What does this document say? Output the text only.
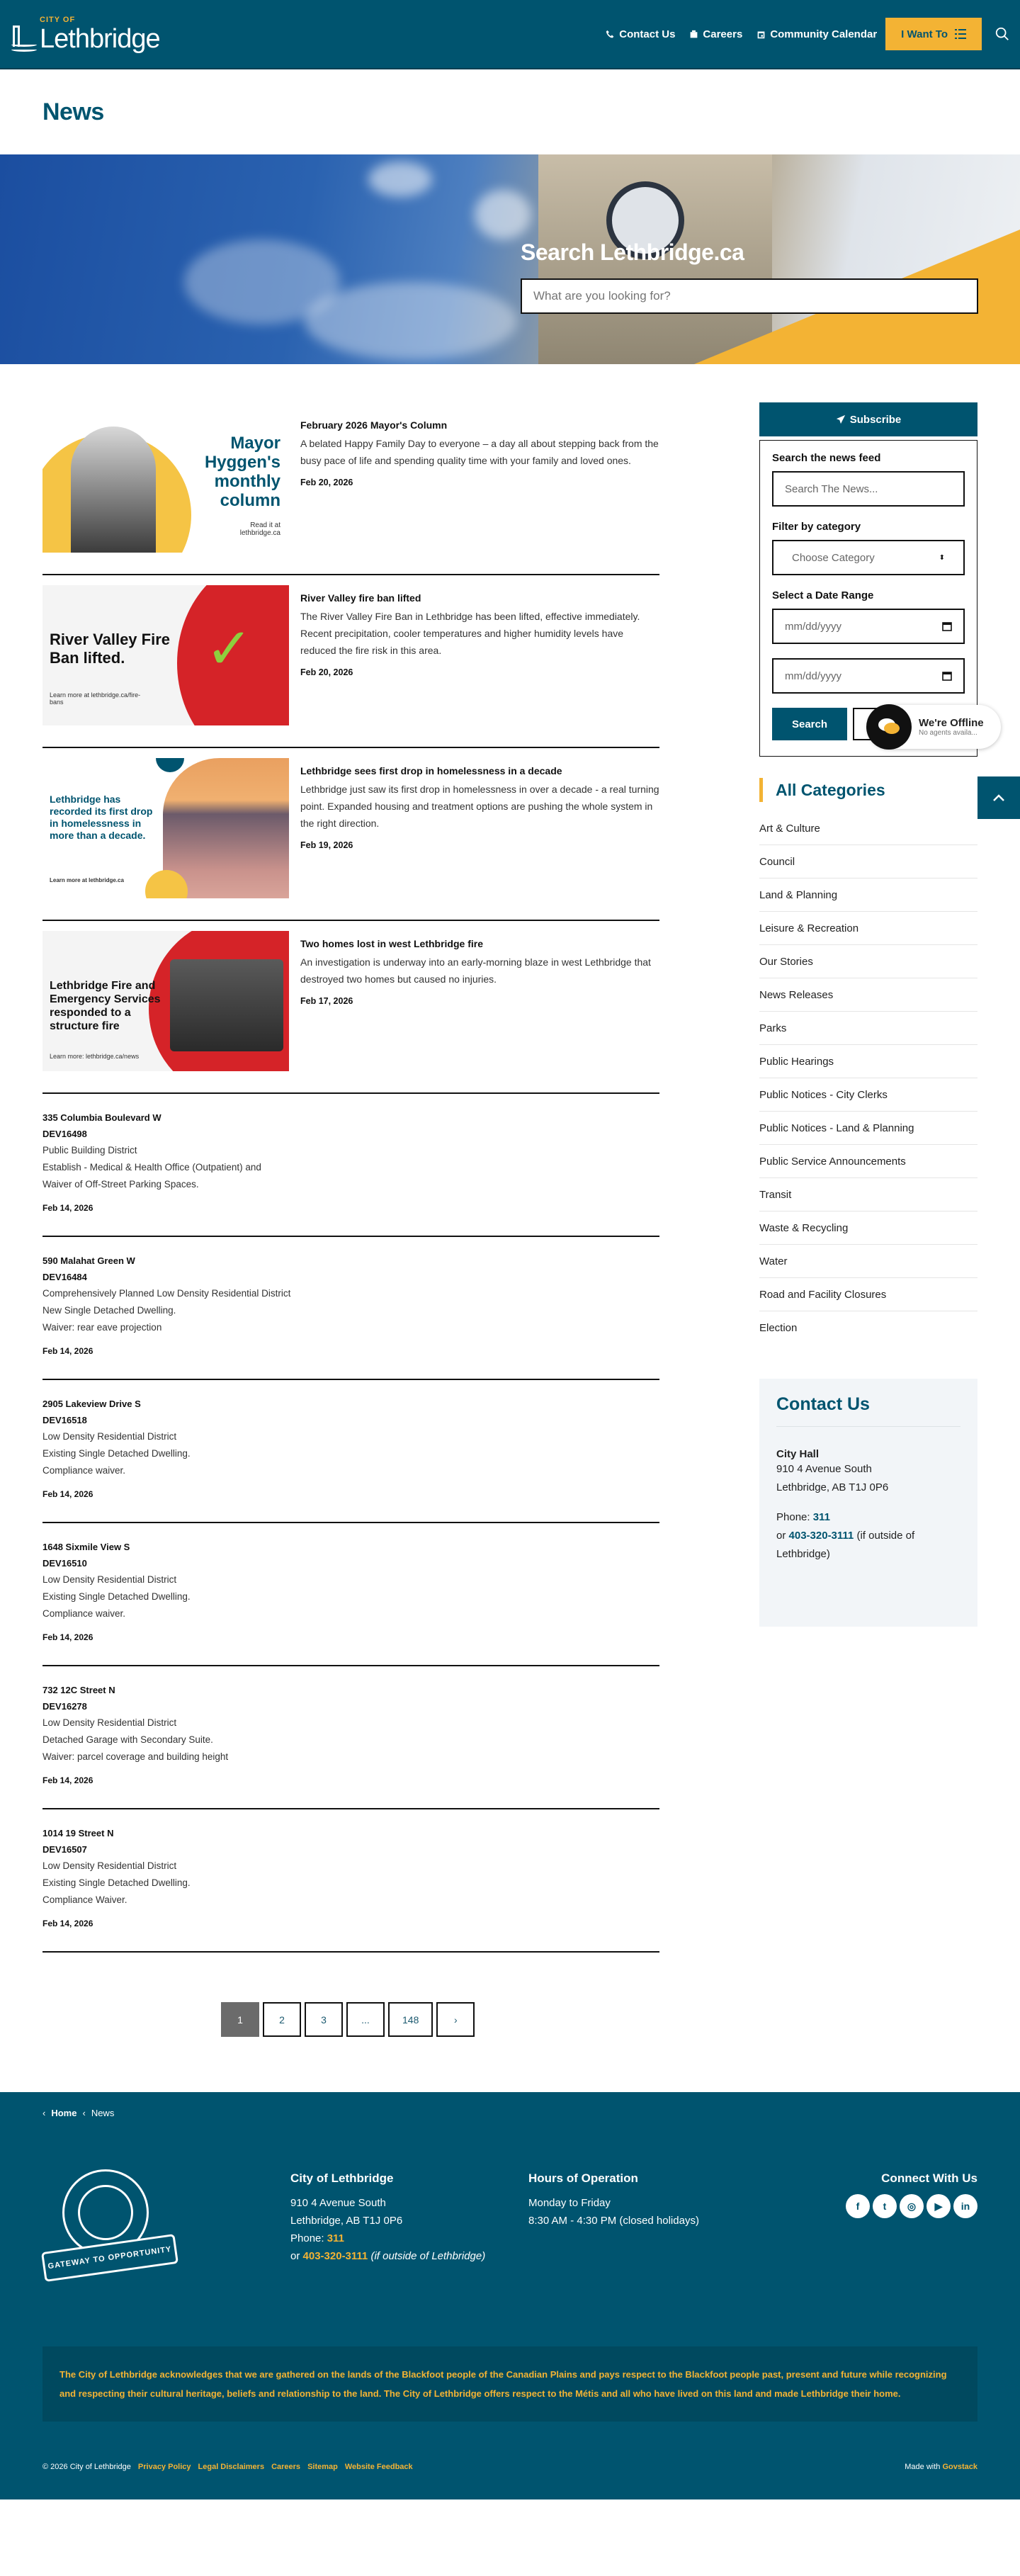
CITY OF
Lethbridge	Contact Us	Careers	Community Calendar I Want To
News
Search Lethbridge.ca
What are you looking for?
Mayor Hyggen's monthly column
Read it at lethbridge.ca
February 2026 Mayor's Column
A belated Happy Family Day to everyone – a day all about stepping back from the busy pace of life and spending quality time with your family and loved ones.
Feb 20, 2026
✓
River Valley Fire Ban lifted.
Learn more at lethbridge.ca/fire-bans
River Valley fire ban lifted
The River Valley Fire Ban in Lethbridge has been lifted, effective immediately. Recent precipitation, cooler temperatures and higher humidity levels have reduced the fire risk in this area.
Feb 20, 2026
Lethbridge has recorded its first drop in homelessness in more than a decade.
Learn more at lethbridge.ca
Lethbridge sees first drop in homelessness in a decade
Lethbridge just saw its first drop in homelessness in over a decade - a real turning point. Expanded housing and treatment options are pushing the whole system in the right direction.
Feb 19, 2026
Lethbridge Fire and Emergency Services responded to a structure fire
Learn more: lethbridge.ca/news
Two homes lost in west Lethbridge fire
An investigation is underway into an early-morning blaze in west Lethbridge that destroyed two homes but caused no injuries.
Feb 17, 2026
335 Columbia Boulevard W
DEV16498
Public Building District
Establish - Medical & Health Office (Outpatient) and
Waiver of Off-Street Parking Spaces.
Feb 14, 2026
590 Malahat Green W
DEV16484
Comprehensively Planned Low Density Residential District
New Single Detached Dwelling.
Waiver: rear eave projection
Feb 14, 2026
2905 Lakeview Drive S
DEV16518
Low Density Residential District
Existing Single Detached Dwelling.
Compliance waiver.
Feb 14, 2026
1648 Sixmile View S
DEV16510
Low Density Residential District
Existing Single Detached Dwelling.
Compliance waiver.
Feb 14, 2026
732 12C Street N
DEV16278
Low Density Residential District
Detached Garage with Secondary Suite.
Waiver: parcel coverage and building height
Feb 14, 2026
1014 19 Street N
DEV16507
Low Density Residential District
Existing Single Detached Dwelling.
Compliance Waiver.
Feb 14, 2026
1	2	3	...	148	›
Subscribe
Search the news feed
Search The News...
Filter by category
Choose Category	⬍
Select a Date Range
mm/dd/yyyy
mm/dd/yyyy
Search	We're Offline
No agents availa...
All Categories
Art & Culture
Council
Land & Planning
Leisure & Recreation
Our Stories
News Releases
Parks
Public Hearings
Public Notices - City Clerks
Public Notices - Land & Planning
Public Service Announcements
Transit
Waste & Recycling
Water
Road and Facility Closures
Election
Contact Us
City Hall
910 4 Avenue South
Lethbridge, AB T1J 0P6
Phone: 311
or 403-320-3111 (if outside of Lethbridge)
‹ Home ‹ News
GATEWAY TO OPPORTUNITY
City of Lethbridge
910 4 Avenue South
Lethbridge, AB T1J 0P6
Phone: 311
or 403-320-3111 (if outside of Lethbridge)
Hours of Operation
Monday to Friday
8:30 AM - 4:30 PM (closed holidays)
Connect With Us
f	t	◎	▶	in
The City of Lethbridge acknowledges that we are gathered on the lands of the Blackfoot people of the Canadian Plains and pays respect to the Blackfoot people past, present and future while recognizing and respecting their cultural heritage, beliefs and relationship to the land. The City of Lethbridge offers respect to the Métis and all who have lived on this land and made Lethbridge their home.
© 2026 City of Lethbridge Privacy Policy Legal Disclaimers Careers Sitemap Website Feedback	Made with Govstack
